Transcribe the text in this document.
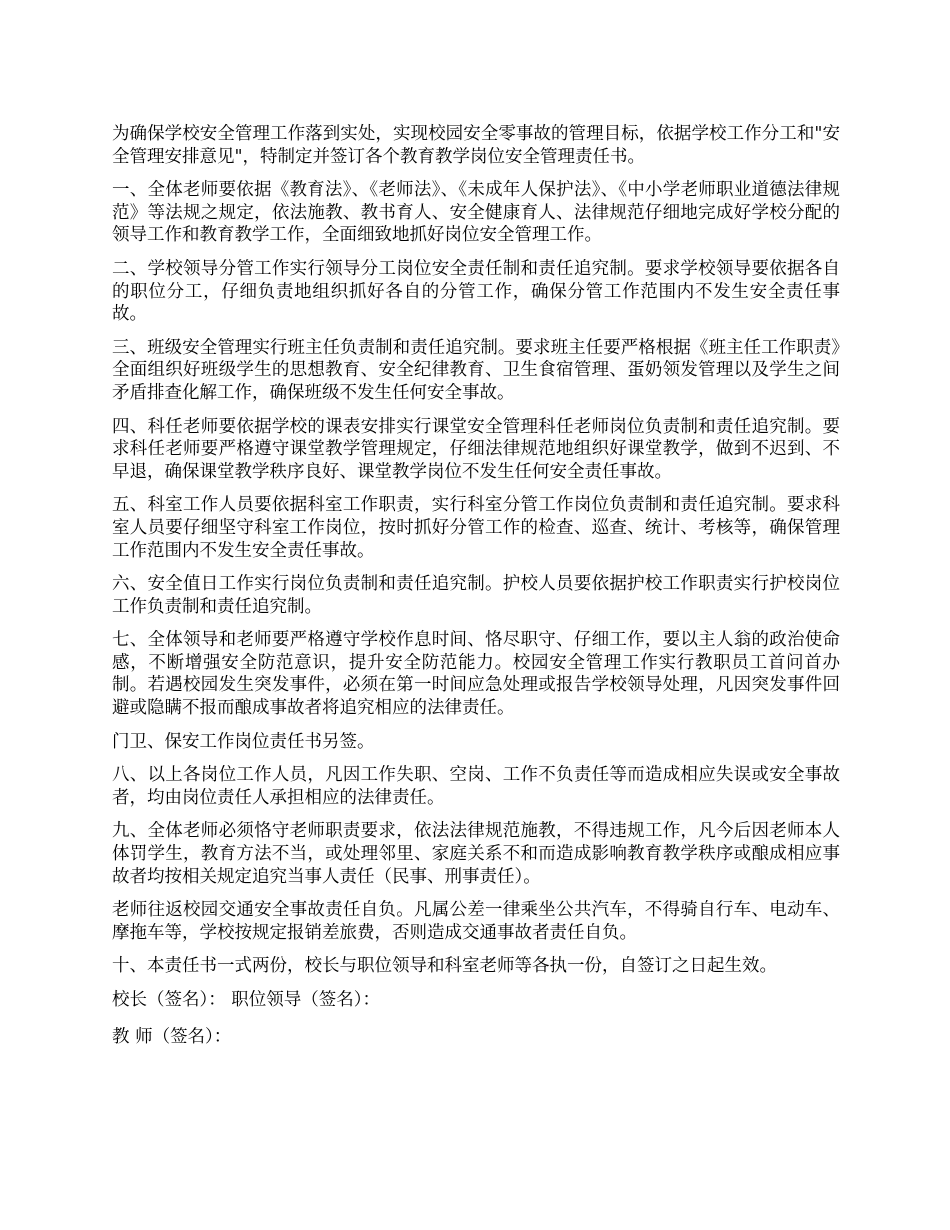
为确保学校安全管理工作落到实处，实现校园安全零事故的管理目标，依据学校工作分工和"安全管理安排意见"，特制定并签订各个教育教学岗位安全管理责任书。

一、全体老师要依据《教育法》、《老师法》、《未成年人保护法》、《中小学老师职业道德法律规范》等法规之规定，依法施教、教书育人、安全健康育人、法律规范仔细地完成好学校分配的领导工作和教育教学工作，全面细致地抓好岗位安全管理工作。

二、学校领导分管工作实行领导分工岗位安全责任制和责任追究制。要求学校领导要依据各自的职位分工，仔细负责地组织抓好各自的分管工作，确保分管工作范围内不发生安全责任事故。

三、班级安全管理实行班主任负责制和责任追究制。要求班主任要严格根据《班主任工作职责》全面组织好班级学生的思想教育、安全纪律教育、卫生食宿管理、蛋奶领发管理以及学生之间矛盾排查化解工作，确保班级不发生任何安全事故。

四、科任老师要依据学校的课表安排实行课堂安全管理科任老师岗位负责制和责任追究制。要求科任老师要严格遵守课堂教学管理规定，仔细法律规范地组织好课堂教学，做到不迟到、不早退，确保课堂教学秩序良好、课堂教学岗位不发生任何安全责任事故。

五、科室工作人员要依据科室工作职责，实行科室分管工作岗位负责制和责任追究制。要求科室人员要仔细坚守科室工作岗位，按时抓好分管工作的检查、巡查、统计、考核等，确保管理工作范围内不发生安全责任事故。

六、安全值日工作实行岗位负责制和责任追究制。护校人员要依据护校工作职责实行护校岗位工作负责制和责任追究制。

七、全体领导和老师要严格遵守学校作息时间、恪尽职守、仔细工作，要以主人翁的政治使命感，不断增强安全防范意识，提升安全防范能力。校园安全管理工作实行教职员工首问首办制。若遇校园发生突发事件，必须在第一时间应急处理或报告学校领导处理，凡因突发事件回避或隐瞒不报而酿成事故者将追究相应的法律责任。

门卫、保安工作岗位责任书另签。

八、以上各岗位工作人员，凡因工作失职、空岗、工作不负责任等而造成相应失误或安全事故者，均由岗位责任人承担相应的法律责任。

九、全体老师必须恪守老师职责要求，依法法律规范施教，不得违规工作，凡今后因老师本人体罚学生，教育方法不当，或处理邻里、家庭关系不和而造成影响教育教学秩序或酿成相应事故者均按相关规定追究当事人责任（民事、刑事责任）。

老师往返校园交通安全事故责任自负。凡属公差一律乘坐公共汽车，不得骑自行车、电动车、摩拖车等，学校按规定报销差旅费，否则造成交通事故者责任自负。

十、本责任书一式两份，校长与职位领导和科室老师等各执一份，自签订之日起生效。

校长（签名）： 职位领导（签名）：

教 师（签名）：
